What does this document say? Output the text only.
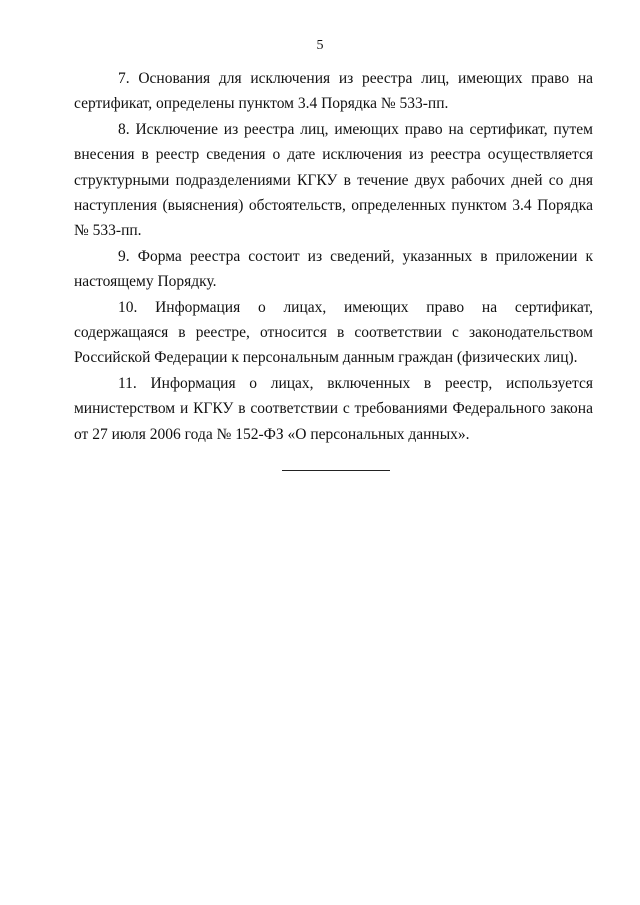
5

7. Основания для исключения из реестра лиц, имеющих право на сертификат, определены пунктом 3.4 Порядка № 533-пп.

8. Исключение из реестра лиц, имеющих право на сертификат, путем внесения в реестр сведения о дате исключения из реестра осуществляется структурными подразделениями КГКУ в течение двух рабочих дней со дня наступления (выяснения) обстоятельств, определенных пунктом 3.4 Порядка № 533-пп.

9. Форма реестра состоит из сведений, указанных в приложении к настоящему Порядку.

10. Информация о лицах, имеющих право на сертификат, содержащаяся в реестре, относится в соответствии с законодательством Российской Федерации к персональным данным граждан (физических лиц).

11. Информация о лицах, включенных в реестр, используется министерством и КГКУ в соответствии с требованиями Федерального закона от 27 июля 2006 года № 152-ФЗ «О персональных данных».
